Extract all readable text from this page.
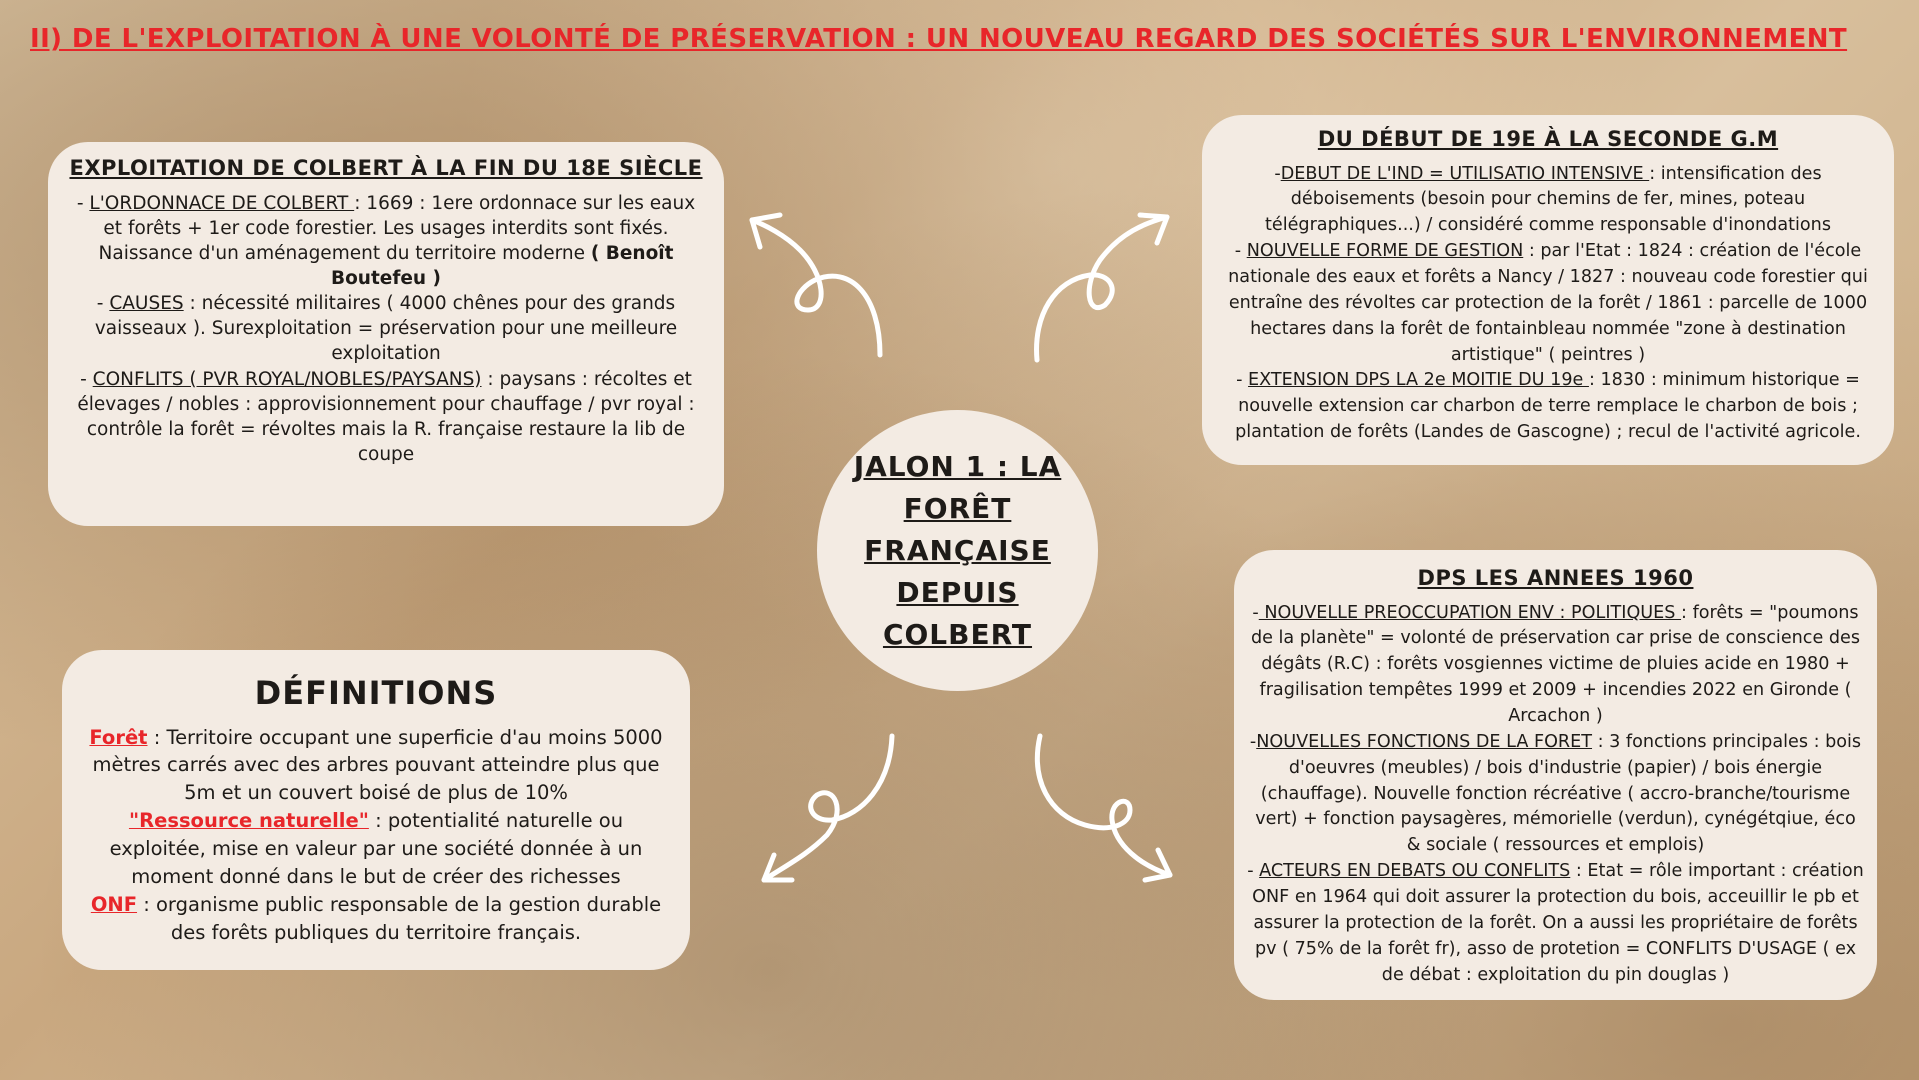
II) DE L'EXPLOITATION À UNE VOLONTÉ DE PRÉSERVATION : UN NOUVEAU REGARD DES SOCIÉTÉS SUR L'ENVIRONNEMENT
EXPLOITATION DE COLBERT À LA FIN DU 18E SIÈCLE

- L'ORDONNACE DE COLBERT : 1669 : 1ere ordonnace sur les eaux et forêts + 1er code forestier. Les usages interdits sont fixés. Naissance d'un aménagement du territoire moderne ( Benoît Boutefeu )

- CAUSES : nécessité militaires ( 4000 chênes pour des grands vaisseaux ). Surexploitation = préservation pour une meilleure exploitation

- CONFLITS ( PVR ROYAL/NOBLES/PAYSANS) : paysans : récoltes et élevages / nobles : approvisionnement pour chauffage / pvr royal : contrôle la forêt = révoltes mais la R. française restaure la lib de coupe

DU DÉBUT DE 19E À LA SECONDE G.M

-DEBUT DE L'IND = UTILISATIO INTENSIVE : intensification des déboisements (besoin pour chemins de fer, mines, poteau télégraphiques...) / considéré comme responsable d'inondations

- NOUVELLE FORME DE GESTION : par l'Etat : 1824 : création de l'école nationale des eaux et forêts a Nancy / 1827 : nouveau code forestier qui entraîne des révoltes car protection de la forêt / 1861 : parcelle de 1000 hectares dans la forêt de fontainbleau nommée "zone à destination artistique" ( peintres )

- EXTENSION DPS LA 2e MOITIE DU 19e : 1830 : minimum historique = nouvelle extension car charbon de terre remplace le charbon de bois ; plantation de forêts (Landes de Gascogne) ; recul de l'activité agricole.

JALON 1 : LA FORÊT FRANÇAISE DEPUIS COLBERT
DÉFINITIONS

Forêt : Territoire occupant une superficie d'au moins 5000 mètres carrés avec des arbres pouvant atteindre plus que 5m et un couvert boisé de plus de 10%

"Ressource naturelle" : potentialité naturelle ou exploitée, mise en valeur par une société donnée à un moment donné dans le but de créer des richesses

ONF : organisme public responsable de la gestion durable des forêts publiques du territoire français.

DPS LES ANNEES 1960

- NOUVELLE PREOCCUPATION ENV : POLITIQUES : forêts = "poumons de la planète" = volonté de préservation car prise de conscience des dégâts (R.C) : forêts vosgiennes victime de pluies acide en 1980 + fragilisation tempêtes 1999 et 2009 + incendies 2022 en Gironde ( Arcachon )

-NOUVELLES FONCTIONS DE LA FORET : 3 fonctions principales : bois d'oeuvres (meubles) / bois d'industrie (papier) / bois énergie (chauffage). Nouvelle fonction récréative ( accro-branche/tourisme vert) + fonction paysagères, mémorielle (verdun), cynégétqiue, éco & sociale ( ressources et emplois)

- ACTEURS EN DEBATS OU CONFLITS : Etat = rôle important : création ONF en 1964 qui doit assurer la protection du bois, acceuillir le pb et assurer la protection de la forêt. On a aussi les propriétaire de forêts pv ( 75% de la forêt fr), asso de protetion = CONFLITS D'USAGE ( ex de débat : exploitation du pin douglas )
